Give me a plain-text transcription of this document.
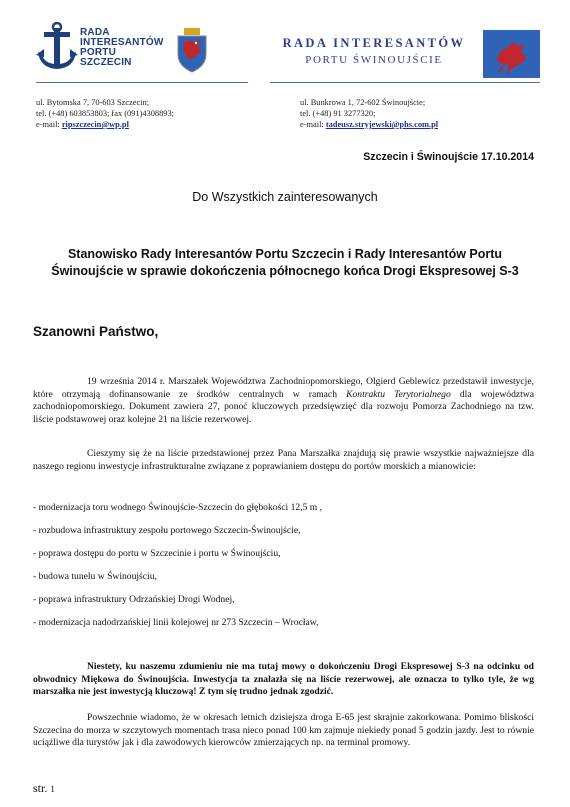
RADA
INTERESANTÓW
PORTU
SZCZECIN
RADA INTERESANTÓW
PORTU ŚWINOUJŚCIE
ul. Bytomska 7, 70-603 Szczecin;
tel. (+48) 603853803; fax (091)4308893;
e-mail: ripszczecin@wp.pl
ul. Bunkrowa 1, 72-602 Świnoujście;
tel. (+48) 91 3277320;
e-mail: tadeusz.stryjewski@phs.com.pl
Szczecin i Świnoujście 17.10.2014
Do Wszystkich zainteresowanych
Stanowisko Rady Interesantów Portu Szczecin i Rady Interesantów Portu
Świnoujście w sprawie dokończenia północnego końca Drogi Ekspresowej S-3
Szanowni Państwo,
19 września 2014 r. Marszałek Województwa Zachodniopomorskiego, Olgierd Geblewicz przedstawił inwestycje, które otrzymają dofinansowanie ze środków centralnych w ramach Kontraktu Terytorialnego dla województwa zachodniopomorskiego. Dokument zawiera 27, ponoć kluczowych przedsięwzięć dla rozwoju Pomorza Zachodniego na tzw. liście podstawowej oraz kolejne 21 na liście rezerwowej.
Cieszymy się że na liście przedstawionej przez Pana Marszałka znajdują się prawie wszystkie najważniejsze dla naszego regionu inwestycje infrastrukturalne związane z poprawianiem dostępu do portów morskich a mianowicie:
- modernizacja toru wodnego Świnoujście-Szczecin do głębokości 12,5 m ,
- rozbudowa infrastruktury zespołu portowego Szczecin-Świnoujście,
- poprawa dostępu do portu w Szczecinie i portu w Świnoujściu,
- budowa tunelu w Świnoujściu,
- poprawa infrastruktury Odrzańskiej Drogi Wodnej,
- modernizacja nadodrzańskiej linii kolejowej nr 273 Szczecin – Wrocław,
Niestety, ku naszemu zdumieniu nie ma tutaj mowy o dokończeniu Drogi Ekspresowej S-3 na odcinku od obwodnicy Miękowa do Świnoujścia. Inwestycja ta znalazła się na liście rezerwowej, ale oznacza to tylko tyle, że wg marszałka nie jest inwestycją kluczową! Z tym się trudno jednak zgodzić.
Powszechnie wiadomo, że w okresach letnich dzisiejsza droga E-65 jest skrajnie zakorkowana. Pomimo bliskości Szczecina do morza w szczytowych momentach trasa nieco ponad 100 km zajmuje niekiedy ponad 5 godzin jazdy. Jest to równie uciążliwe dla turystów jak i dla zawodowych kierowców zmierzających np. na terminal promowy.
str. 1
